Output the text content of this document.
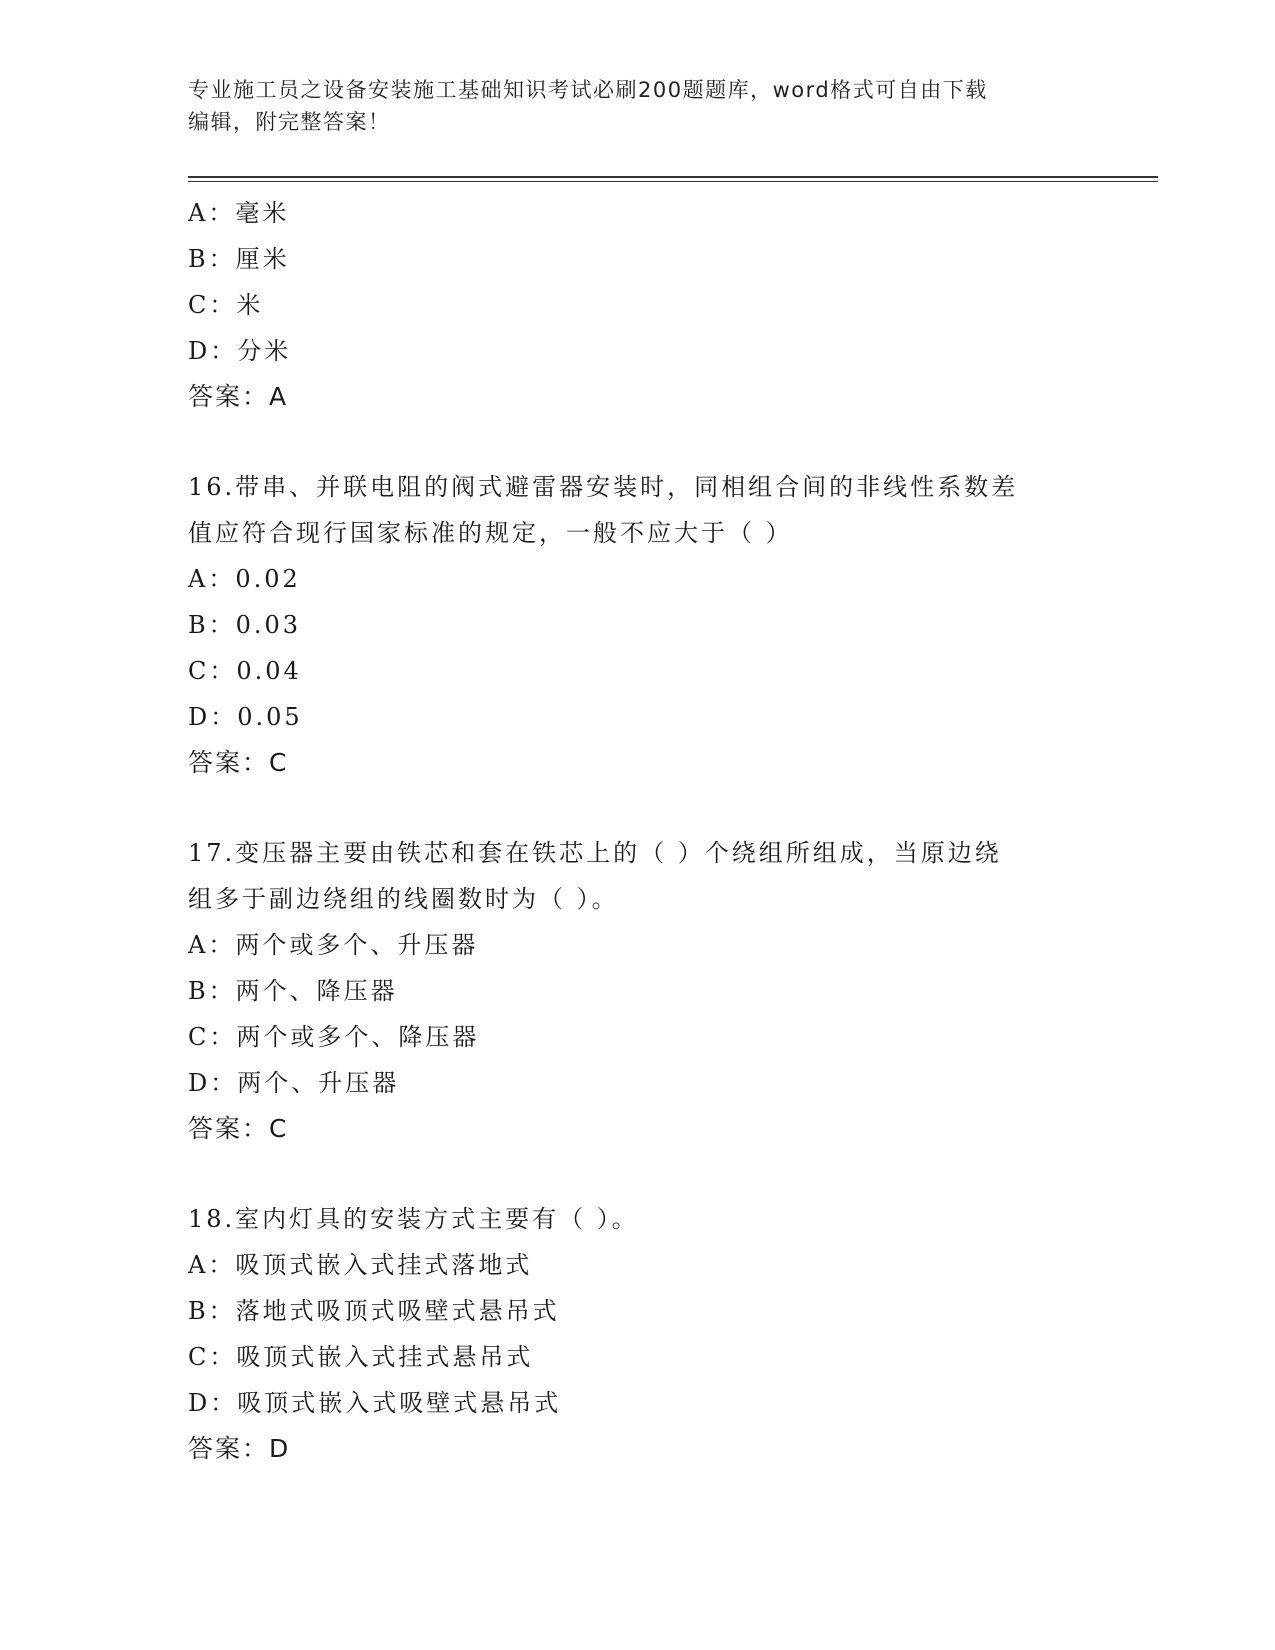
专业施工员之设备安装施工基础知识考试必刷200题题库，word格式可自由下载
编辑，附完整答案！
A：毫米
B：厘米
C：米
D：分米
答案：A
16.带串、并联电阻的阀式避雷器安装时，同相组合间的非线性系数差
值应符合现行国家标准的规定，一般不应大于（ ）
A：0.02
B：0.03
C：0.04
D：0.05
答案：C
17.变压器主要由铁芯和套在铁芯上的（ ）个绕组所组成，当原边绕
组多于副边绕组的线圈数时为（ ）。
A：两个或多个、升压器
B：两个、降压器
C：两个或多个、降压器
D：两个、升压器
答案：C
18.室内灯具的安装方式主要有（ ）。
A：吸顶式嵌入式挂式落地式
B：落地式吸顶式吸壁式悬吊式
C：吸顶式嵌入式挂式悬吊式
D：吸顶式嵌入式吸壁式悬吊式
答案：D
